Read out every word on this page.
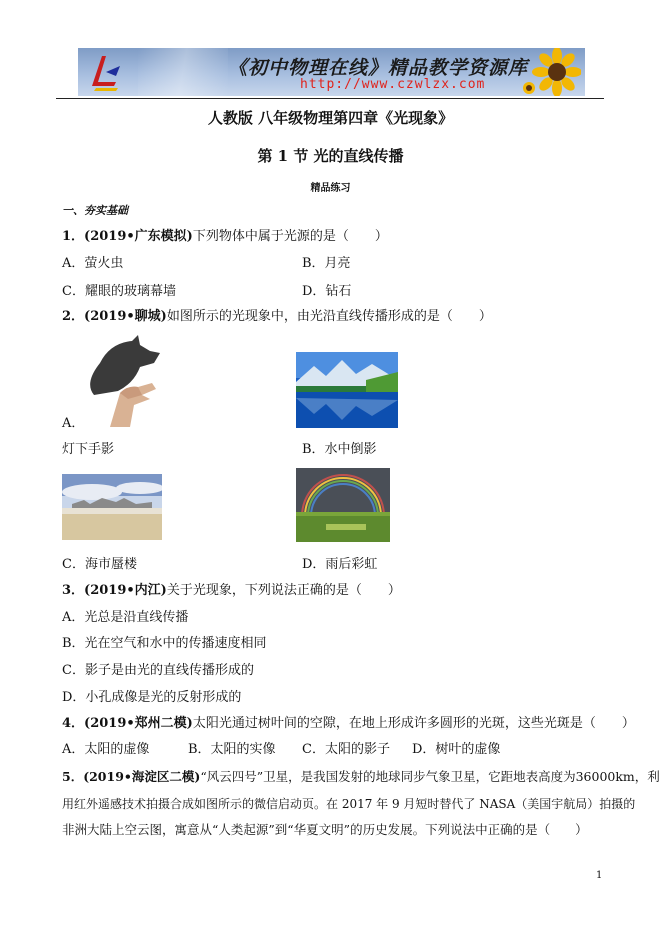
《初中物理在线》精品教学资源库
http://www.czwlzx.com
人教版 八年级物理第四章《光现象》
第 1 节 光的直线传播
精品练习
一、夯实基础
1．(2019•广东模拟)下列物体中属于光源的是（　　）
A．萤火虫	B．月亮
C．耀眼的玻璃幕墙	D．钻石
2．(2019•聊城)如图所示的光现象中，由光沿直线传播形成的是（　　）
A．
灯下手影	B．水中倒影
C．海市蜃楼	D．雨后彩虹
3．(2019•内江)关于光现象，下列说法正确的是（　　）
A．光总是沿直线传播
B．光在空气和水中的传播速度相同
C．影子是由光的直线传播形成的
D．小孔成像是光的反射形成的
4．(2019•郑州二模)太阳光通过树叶间的空隙，在地上形成许多圆形的光斑，这些光斑是（　　）
A．太阳的虚像	B．太阳的实像 C．太阳的影子 D．树叶的虚像
5．(2019•海淀区二模)“风云四号”卫星，是我国发射的地球同步气象卫星，它距地表高度为36000km，利
用红外遥感技术拍摄合成如图所示的微信启动页。在 2017 年 9 月短时替代了 NASA（美国宇航局）拍摄的
非洲大陆上空云图，寓意从“人类起源”到“华夏文明”的历史发展。下列说法中正确的是（　　）
1
